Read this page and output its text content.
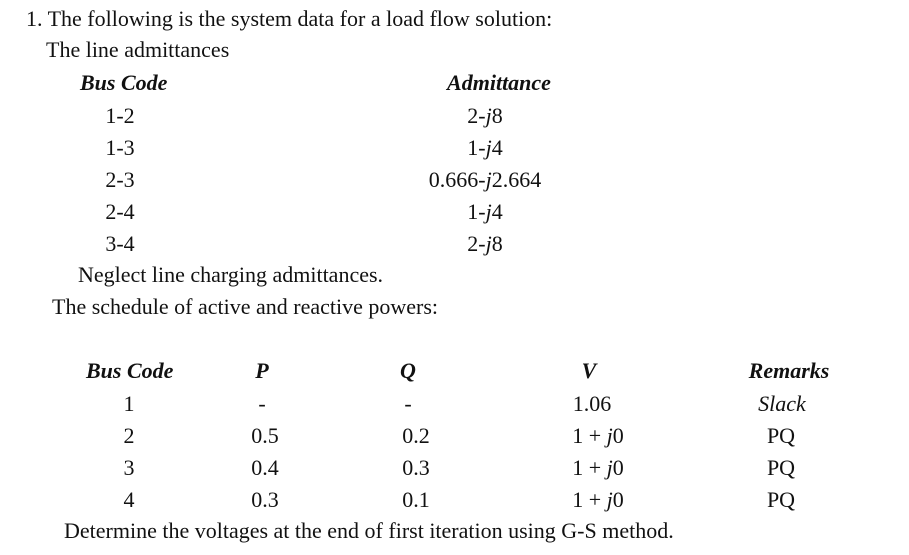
1. The following is the system data for a load flow solution:
The line admittances
Bus Code	Admittance
1-2	2-j8
1-3	1-j4
2-3	0.666-j2.664
2-4	1-j4
3-4	2-j8
Neglect line charging admittances.
The schedule of active and reactive powers:
Bus Code	P	Q	V	Remarks
1	-	-	1.06	Slack
2	0.5	0.2	1 + j0	PQ
3	0.4	0.3	1 + j0	PQ
4	0.3	0.1	1 + j0	PQ
Determine the voltages at the end of first iteration using G-S method.
